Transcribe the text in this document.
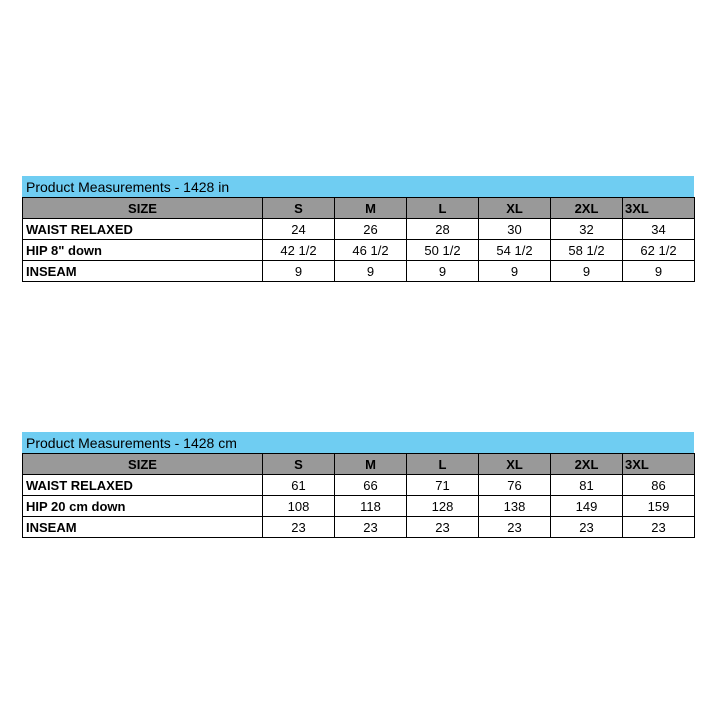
Product Measurements - 1428 in
SIZE	S	M	L	XL	2XL	3XL
WAIST RELAXED	24	26	28	30	32	34
HIP 8" down	42 1/2	46 1/2	50 1/2	54 1/2	58 1/2	62 1/2
INSEAM	9	9	9	9	9	9
Product Measurements - 1428 cm
SIZE	S	M	L	XL	2XL	3XL
WAIST RELAXED	61	66	71	76	81	86
HIP 20 cm down	108	118	128	138	149	159
INSEAM	23	23	23	23	23	23
